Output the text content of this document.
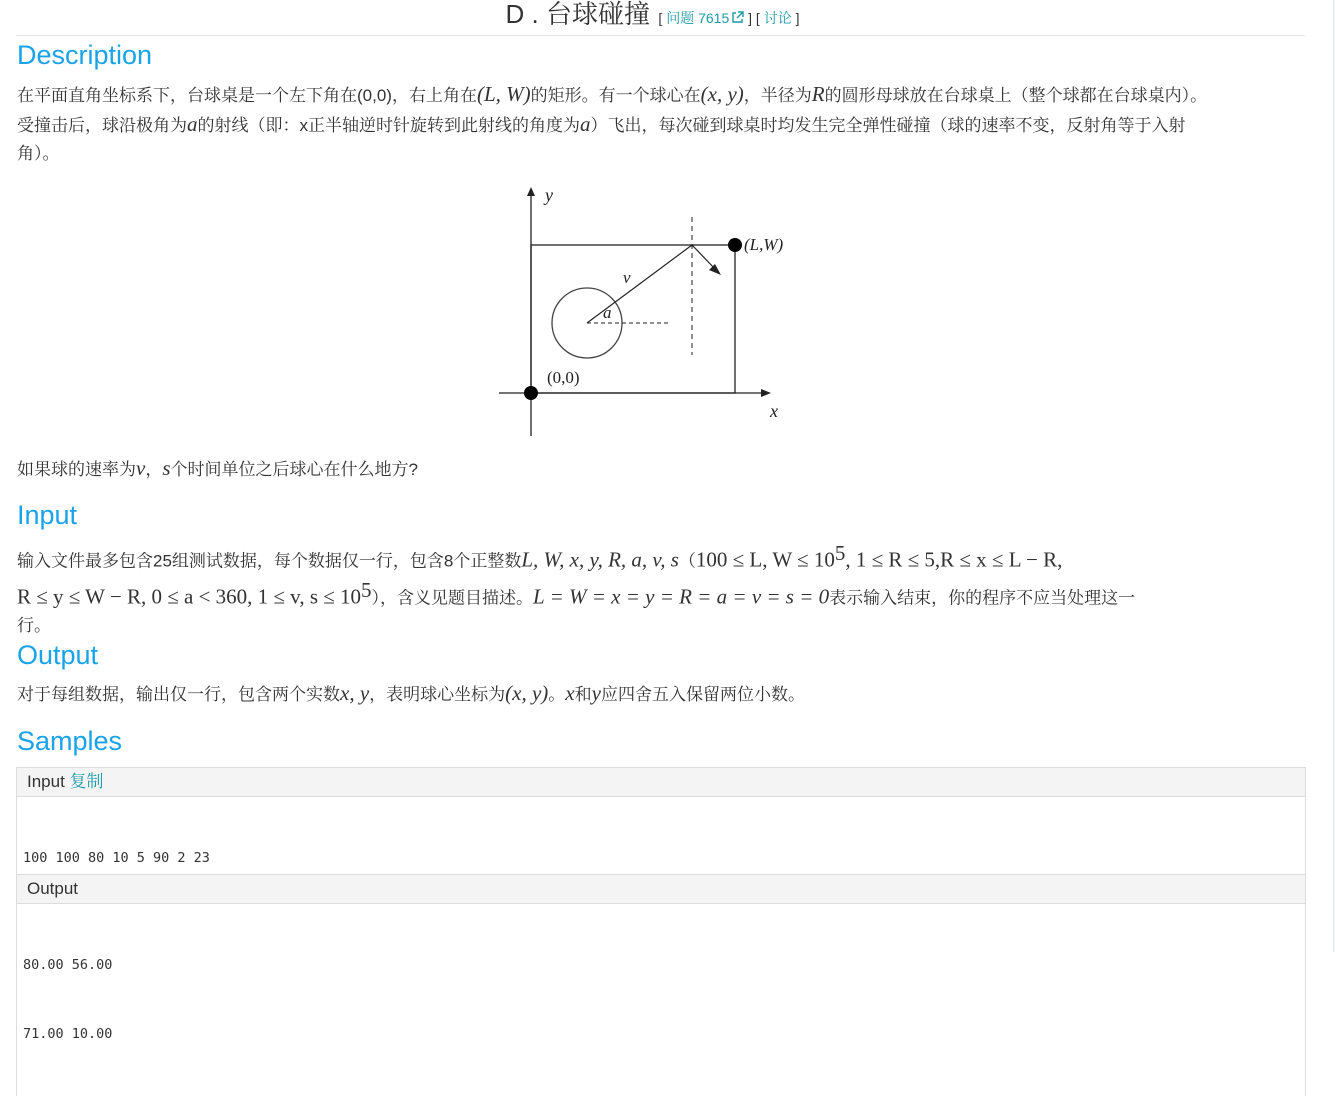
D . 台球碰撞 [ 问题 7615 ] [ 讨论 ]
Description

在平面直角坐标系下，台球桌是一个左下角在(0,0)，右上角在(L, W)的矩形。有一个球心在(x, y)，半径为R的圆形母球放在台球桌上（整个球都在台球桌内）。
受撞击后，球沿极角为a的射线（即：x正半轴逆时针旋转到此射线的角度为a）飞出，每次碰到球桌时均发生完全弹性碰撞（球的速率不变，反射角等于入射
角）。

y
x
(L,W)
(0,0)
a
v

如果球的速率为v，s个时间单位之后球心在什么地方?

Input

输入文件最多包含25组测试数据，每个数据仅一行，包含8个正整数L, W, x, y, R, a, v, s（100 ≤ L, $W \le 10^5$, 1 ≤ R ≤ 5,R ≤ x ≤ L − R,
R ≤ y ≤ W − R, 0 ≤ a < 360, 1 ≤ v, $s \le 10^5$），含义见题目描述。L = W = x = y = R = a = v = s = 0表示输入结束，你的程序不应当处理这一
行。

Output

对于每组数据，输出仅一行，包含两个实数x, y，表明球心坐标为(x, y)。x和y应四舍五入保留两位小数。

Samples
Input 复制

100 100 80 10 5 90 2 23

Output

80.00 56.00

71.00 10.00
